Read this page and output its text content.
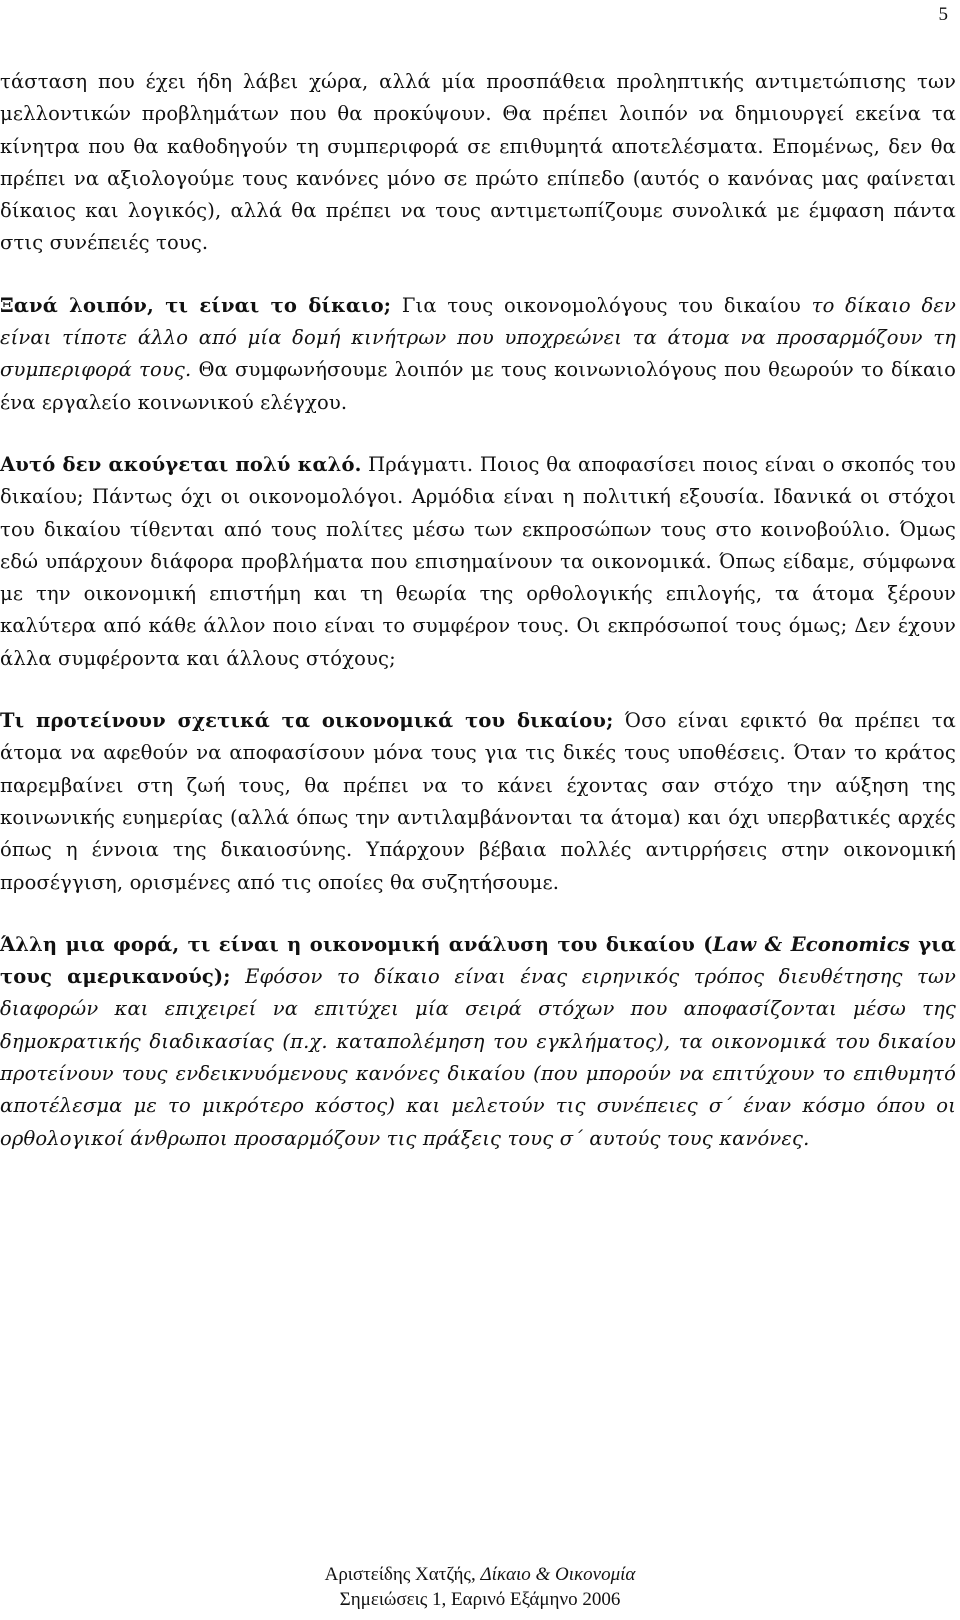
5

τάσταση που έχει ήδη λάβει χώρα, αλλά μία προσπάθεια προληπτικής αντιμετώπισης των μελλοντικών προβλημάτων που θα προκύψουν. Θα πρέπει λοιπόν να δημιουργεί εκείνα τα κίνητρα που θα καθοδηγούν τη συμπεριφορά σε επιθυμητά αποτελέσματα. Επομένως, δεν θα πρέπει να αξιολογούμε τους κανόνες μόνο σε πρώτο επίπεδο (αυτός ο κανόνας μας φαίνεται δίκαιος και λογικός), αλλά θα πρέπει να τους αντιμετωπίζουμε συνολικά με έμφαση πάντα στις συνέπειές τους.

Ξανά λοιπόν, τι είναι το δίκαιο; Για τους οικονομολόγους του δικαίου το δίκαιο δεν είναι τίποτε άλλο από μία δομή κινήτρων που υποχρεώνει τα άτομα να προσαρμόζουν τη συμπεριφορά τους. Θα συμφωνήσουμε λοιπόν με τους κοινωνιολόγους που θεωρούν το δίκαιο ένα εργαλείο κοινωνικού ελέγχου.

Αυτό δεν ακούγεται πολύ καλό. Πράγματι. Ποιος θα αποφασίσει ποιος είναι ο σκοπός του δικαίου; Πάντως όχι οι οικονομολόγοι. Αρμόδια είναι η πολιτική εξουσία. Ιδανικά οι στόχοι του δικαίου τίθενται από τους πολίτες μέσω των εκπροσώπων τους στο κοινοβούλιο. Όμως εδώ υπάρχουν διάφορα προβλήματα που επισημαίνουν τα οικονομικά. Όπως είδαμε, σύμφωνα με την οικονομική επιστήμη και τη θεωρία της ορθολογικής επιλογής, τα άτομα ξέρουν καλύτερα από κάθε άλλον ποιο είναι το συμφέρον τους. Οι εκπρόσωποί τους όμως; Δεν έχουν άλλα συμφέροντα και άλλους στόχους;

Τι προτείνουν σχετικά τα οικονομικά του δικαίου; Όσο είναι εφικτό θα πρέπει τα άτομα να αφεθούν να αποφασίσουν μόνα τους για τις δικές τους υποθέσεις. Όταν το κράτος παρεμβαίνει στη ζωή τους, θα πρέπει να το κάνει έχοντας σαν στόχο την αύξηση της κοινωνικής ευημερίας (αλλά όπως την αντιλαμβάνονται τα άτομα) και όχι υπερβατικές αρχές όπως η έννοια της δικαιοσύνης. Υπάρχουν βέβαια πολλές αντιρρήσεις στην οικονομική προσέγγιση, ορισμένες από τις οποίες θα συζητήσουμε.

Άλλη μια φορά, τι είναι η οικονομική ανάλυση του δικαίου (Law & Economics για τους αμερικανούς); Εφόσον το δίκαιο είναι ένας ειρηνικός τρόπος διευθέτησης των διαφορών και επιχειρεί να επιτύχει μία σειρά στόχων που αποφασίζονται μέσω της δημοκρατικής διαδικασίας (π.χ. καταπολέμηση του εγκλήματος), τα οικονομικά του δικαίου προτείνουν τους ενδεικνυόμενους κανόνες δικαίου (που μπορούν να επιτύχουν το επιθυμητό αποτέλεσμα με το μικρότερο κόστος) και μελετούν τις συνέπειες σ΄ έναν κόσμο όπου οι ορθολογικοί άνθρωποι προσαρμόζουν τις πράξεις τους σ΄ αυτούς τους κανόνες.

Αριστείδης Χατζής, Δίκαιο & Οικονομία
Σημειώσεις 1, Εαρινό Εξάμηνο 2006
